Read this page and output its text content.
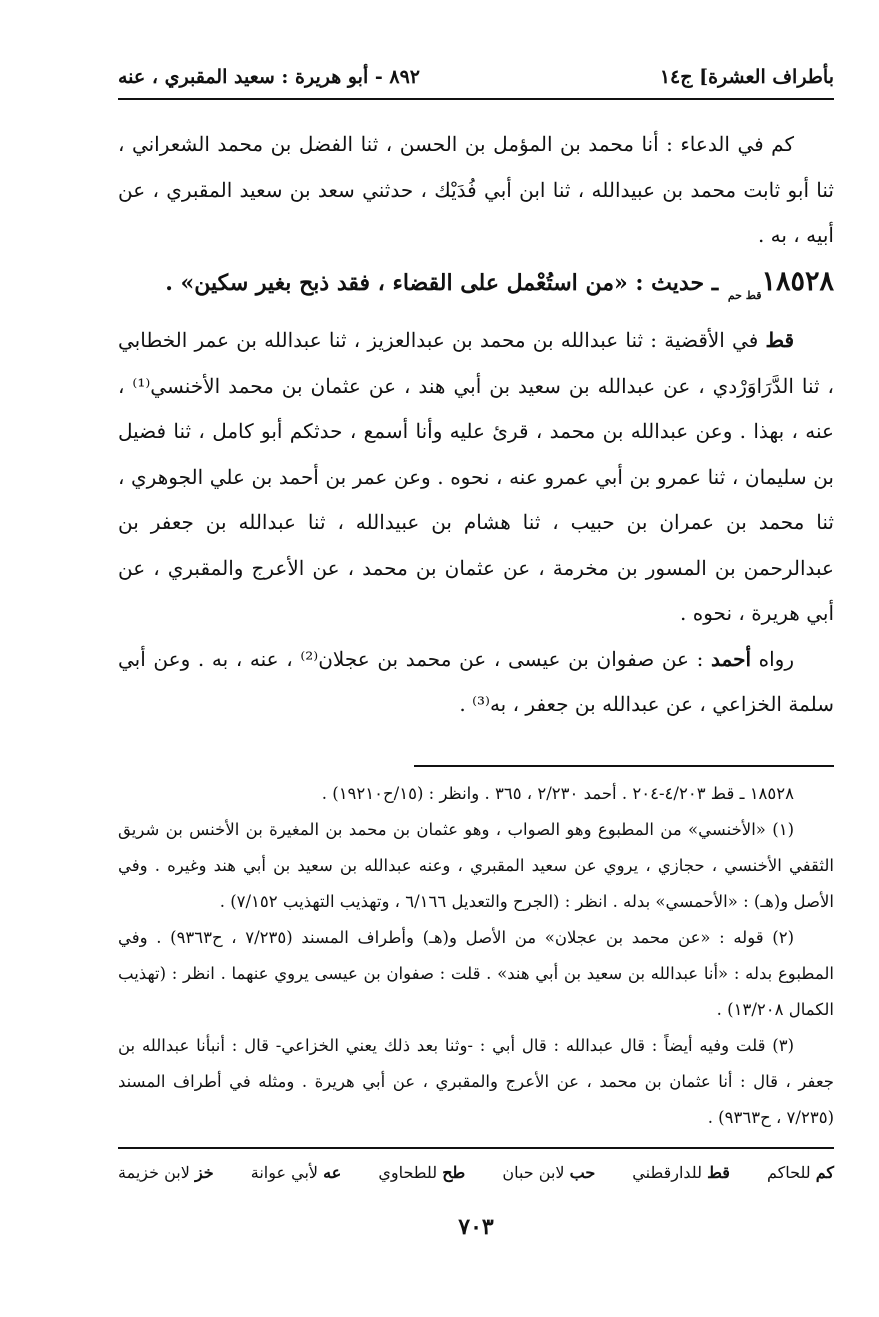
بأطراف العشرة] ج١٤
٨٩٢ - أبو هريرة : سعيد المقبري ، عنه

كم في الدعاء : أنا محمد بن المؤمل بن الحسن ، ثنا الفضل بن محمد الشعراني ، ثنا أبو ثابت محمد بن عبيدالله ، ثنا ابن أبي فُدَيْك ، حدثني سعد بن سعيد المقبري ، عن أبيه ، به .

$١٨٥٢٨_{قط حم}$ ـ حديث : «من استُعْمل على القضاء ، فقد ذبح بغير سكين» .

قط في الأقضية : ثنا عبدالله بن محمد بن عبدالعزيز ، ثنا عبدالله بن عمر الخطابي ، ثنا الدَّرَاوَرْدي ، عن عبدالله بن سعيد بن أبي هند ، عن عثمان بن محمد الأخنسي⁽¹⁾ ، عنه ، بهذا . وعن عبدالله بن محمد ، قرئ عليه وأنا أسمع ، حدثكم أبو كامل ، ثنا فضيل بن سليمان ، ثنا عمرو بن أبي عمرو عنه ، نحوه . وعن عمر بن أحمد بن علي الجوهري ، ثنا محمد بن عمران بن حبيب ، ثنا هشام بن عبيدالله ، ثنا عبدالله بن جعفر بن عبدالرحمن بن المسور بن مخرمة ، عن عثمان بن محمد ، عن الأعرج والمقبري ، عن أبي هريرة ، نحوه .

رواه أحمد : عن صفوان بن عيسى ، عن محمد بن عجلان⁽²⁾ ، عنه ، به . وعن أبي سلمة الخزاعي ، عن عبدالله بن جعفر ، به⁽³⁾ .

١٨٥٢٨ ـ قط ٤/٢٠٣-٢٠٤ . أحمد ٢/٢٣٠ ، ٣٦٥ . وانظر : (١٥/ح١٩٢١٠) .

(١) «الأخنسي» من المطبوع وهو الصواب ، وهو عثمان بن محمد بن المغيرة بن الأخنس بن شريق الثقفي الأخنسي ، حجازي ، يروي عن سعيد المقبري ، وعنه عبدالله بن سعيد بن أبي هند وغيره . وفي الأصل و(هـ) : «الأحمسي» بدله . انظر : (الجرح والتعديل ٦/١٦٦ ، وتهذيب التهذيب ٧/١٥٢) .

(٢) قوله : «عن محمد بن عجلان» من الأصل و(هـ) وأطراف المسند (٧/٢٣٥ ، ح٩٣٦٣) . وفي المطبوع بدله : «أنا عبدالله بن سعيد بن أبي هند» . قلت : صفوان بن عيسى يروي عنهما . انظر : (تهذيب الكمال ١٣/٢٠٨) .

(٣) قلت وفيه أيضاً : قال عبدالله : قال أبي : -وثنا بعد ذلك يعني الخزاعي- قال : أنبأنا عبدالله بن جعفر ، قال : أنا عثمان بن محمد ، عن الأعرج والمقبري ، عن أبي هريرة . ومثله في أطراف المسند (٧/٢٣٥ ، ح٩٣٦٣) .

كم للحاكم
قط للدارقطني
حب لابن حبان
طح للطحاوي
عه لأبي عوانة
خز لابن خزيمة
٧٠٣
